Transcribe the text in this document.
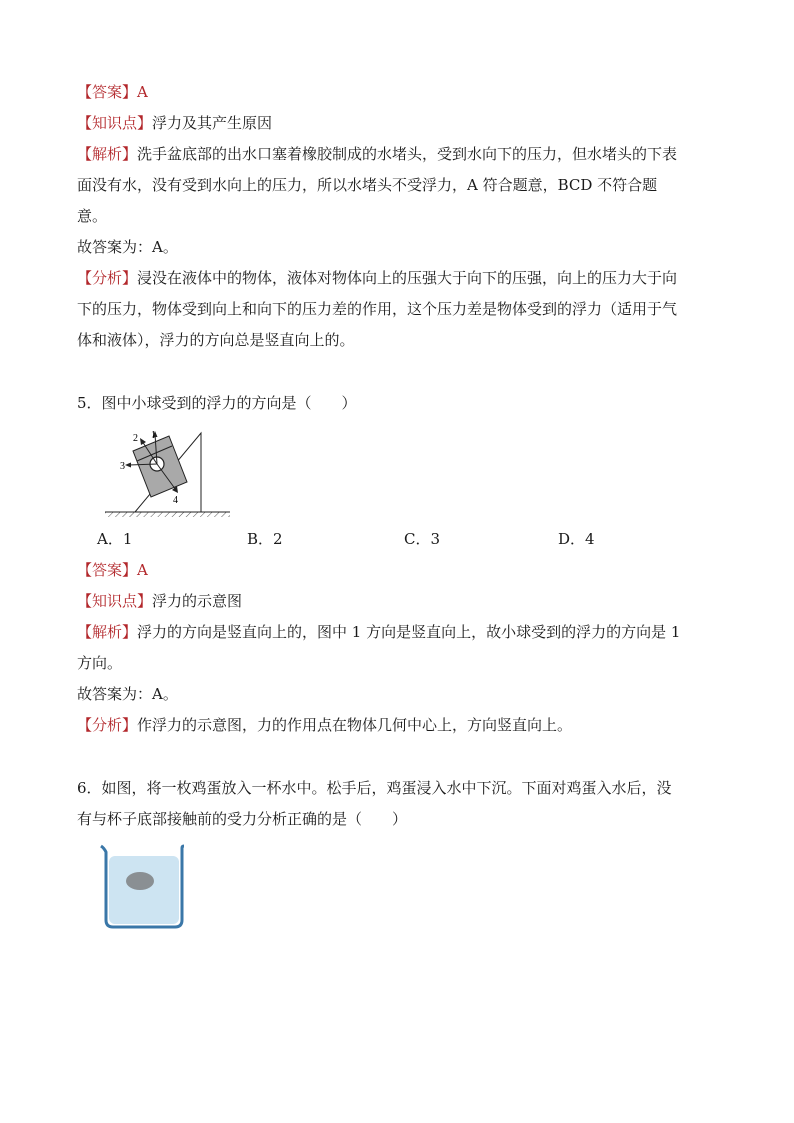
【答案】A
【知识点】浮力及其产生原因
【解析】洗手盆底部的出水口塞着橡胶制成的水堵头，受到水向下的压力，但水堵头的下表
面没有水，没有受到水向上的压力，所以水堵头不受浮力，A 符合题意，BCD 不符合题
意。
故答案为：A。
【分析】浸没在液体中的物体，液体对物体向上的压强大于向下的压强，向上的压力大于向
下的压力，物体受到向上和向下的压力差的作用，这个压力差是物体受到的浮力（适用于气
体和液体），浮力的方向总是竖直向上的。
5．图中小球受到的浮力的方向是（　　）
1
2
3
4
A．1	B．2	C．3	D．4
【答案】A
【知识点】浮力的示意图
【解析】浮力的方向是竖直向上的，图中 1 方向是竖直向上，故小球受到的浮力的方向是 1
方向。
故答案为：A。
【分析】作浮力的示意图，力的作用点在物体几何中心上，方向竖直向上。
6．如图，将一枚鸡蛋放入一杯水中。松手后，鸡蛋浸入水中下沉。下面对鸡蛋入水后，没
有与杯子底部接触前的受力分析正确的是（　　）
